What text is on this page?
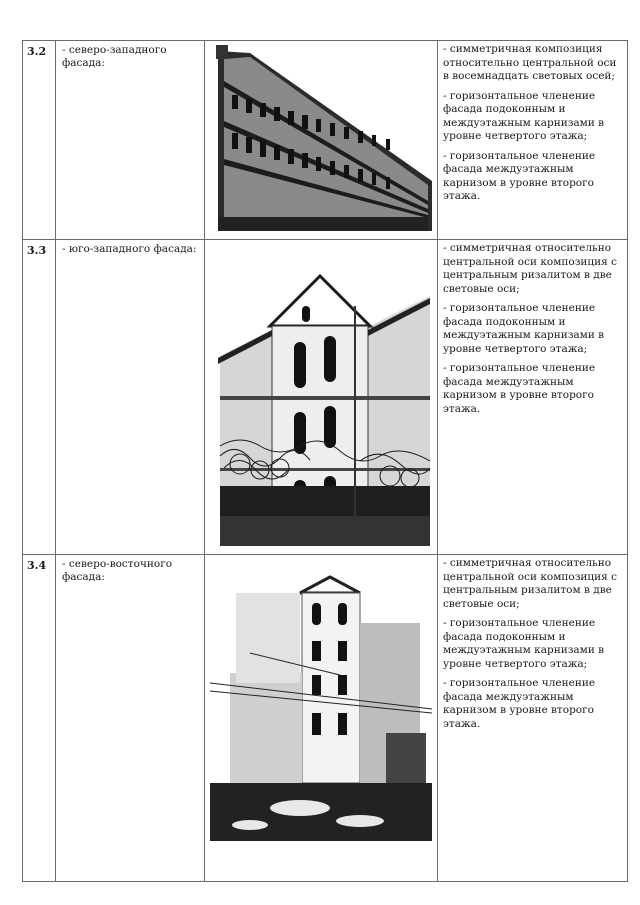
3.2	- северо-западного фасада:		- симметричная композиция относительно центральной оси в восемнадцать световых осей;
- горизонтальное членение фасада подоконным и междуэтажным карнизами в уровне четвертого этажа;
- горизонтальное членение фасада междуэтажным карнизом в уровне второго этажа.

3.3	- юго-западного фасада:		- симметричная относительно центральной оси композиция с центральным ризалитом в две световые оси;
- горизонтальное членение фасада подоконным и междуэтажным карнизами в уровне четвертого этажа;
- горизонтальное членение фасада междуэтажным карнизом в уровне второго этажа.

3.4	- северо-восточного фасада:		- симметричная относительно центральной оси композиция с центральным ризалитом в две световые оси;
- горизонтальное членение фасада подоконным и междуэтажным карнизами в уровне четвертого этажа;
- горизонтальное членение фасада междуэтажным карнизом в уровне второго этажа.
